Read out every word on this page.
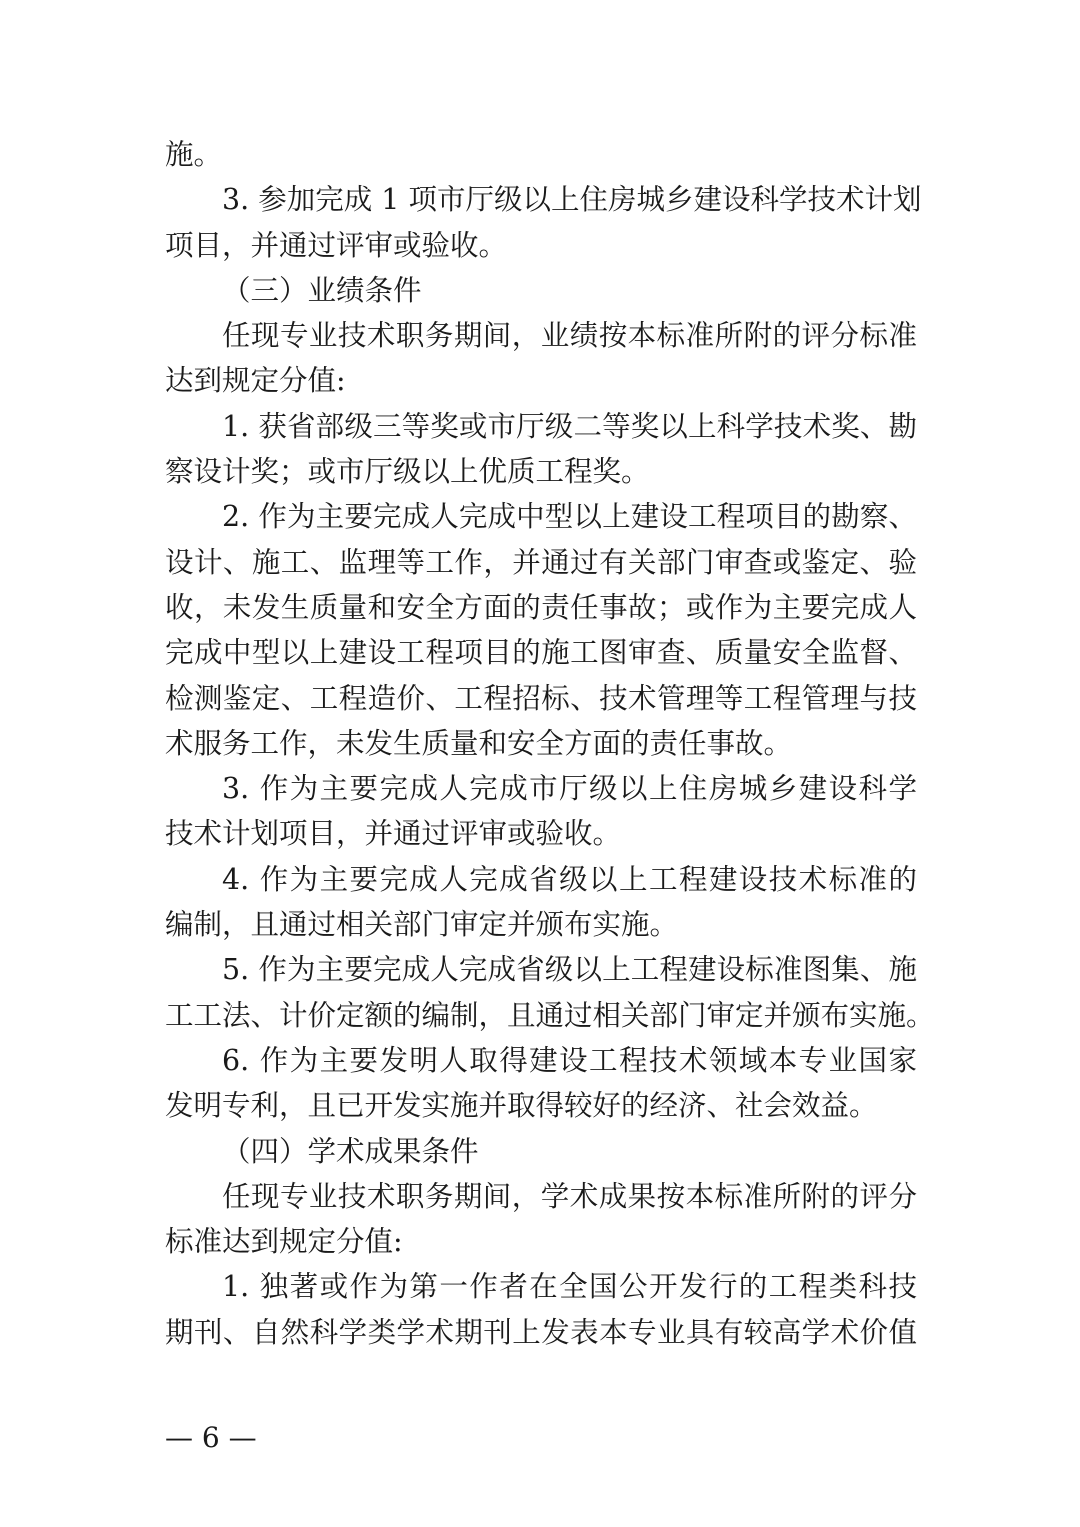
施。
3. 参加完成 1 项市厅级以上住房城乡建设科学技术计划
项目，并通过评审或验收。
（三）业绩条件
任现专业技术职务期间，业绩按本标准所附的评分标准
达到规定分值:
1. 获省部级三等奖或市厅级二等奖以上科学技术奖、勘
察设计奖；或市厅级以上优质工程奖。
2. 作为主要完成人完成中型以上建设工程项目的勘察、
设计、施工、监理等工作，并通过有关部门审查或鉴定、验
收，未发生质量和安全方面的责任事故；或作为主要完成人
完成中型以上建设工程项目的施工图审查、质量安全监督、
检测鉴定、工程造价、工程招标、技术管理等工程管理与技
术服务工作，未发生质量和安全方面的责任事故。
3. 作为主要完成人完成市厅级以上住房城乡建设科学
技术计划项目，并通过评审或验收。
4. 作为主要完成人完成省级以上工程建设技术标准的
编制，且通过相关部门审定并颁布实施。
5. 作为主要完成人完成省级以上工程建设标准图集、施
工工法、计价定额的编制，且通过相关部门审定并颁布实施。
6. 作为主要发明人取得建设工程技术领域本专业国家
发明专利，且已开发实施并取得较好的经济、社会效益。
（四）学术成果条件
任现专业技术职务期间，学术成果按本标准所附的评分
标准达到规定分值:
1. 独著或作为第一作者在全国公开发行的工程类科技
期刊、自然科学类学术期刊上发表本专业具有较高学术价值
— 6 —
